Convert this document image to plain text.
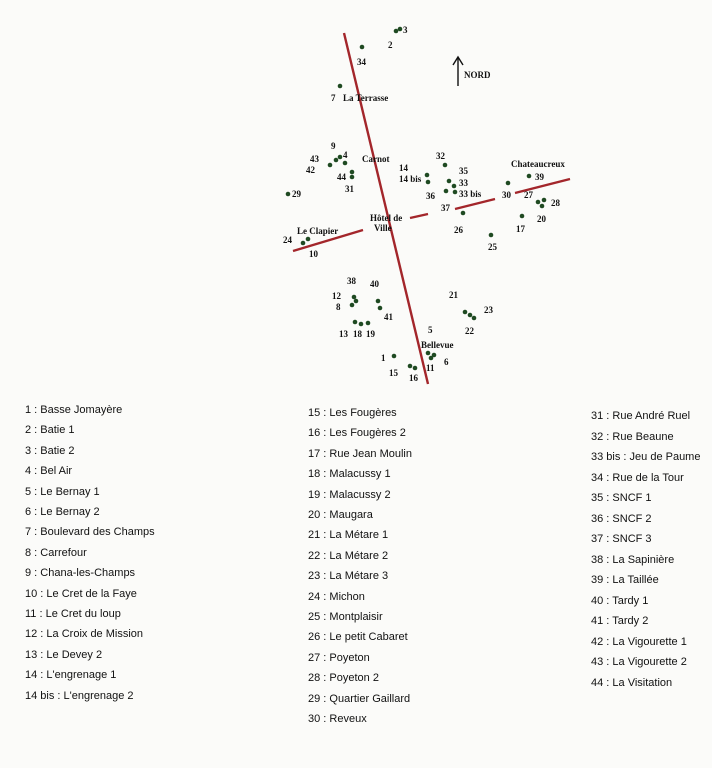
NORD
La Terrasse
Carnot	Chateaucreux
Hôtel de
Ville
Le Clapier
Bellevue
3
2
34
7
9
43	4
42
44
31
29
14
14 bis
32
35
33
33 bis
36
37
30
39
27
28
20
17
26
25
24
10
38 40
12
8
41
13 18 19
21
23
22
5
1
15 16
11
6
1 : Basse Jomayère
2 : Batie 1
3 : Batie 2
4 : Bel Air
5 : Le Bernay 1
6 : Le Bernay 2
7 : Boulevard des Champs
8 : Carrefour
9 : Chana-les-Champs
10 : Le Cret de la Faye
11 : Le Cret du loup
12 : La Croix de Mission
13 : Le Devey 2
14 : L'engrenage 1
14 bis : L'engrenage 2
15 : Les Fougères
16 : Les Fougères 2
17 : Rue Jean Moulin
18 : Malacussy 1
19 : Malacussy 2
20 : Maugara
21 : La Métare 1
22 : La Métare 2
23 : La Métare 3
24 : Michon
25 : Montplaisir
26 : Le petit Cabaret
27 : Poyeton
28 : Poyeton 2
29 : Quartier Gaillard
30 : Reveux
31 : Rue André Ruel
32 : Rue Beaune
33 bis : Jeu de Paume
34 : Rue de la Tour
35 : SNCF 1
36 : SNCF 2
37 : SNCF 3
38 : La Sapinière
39 : La Taillée
40 : Tardy 1
41 : Tardy 2
42 : La Vigourette 1
43 : La Vigourette 2
44 : La Visitation
